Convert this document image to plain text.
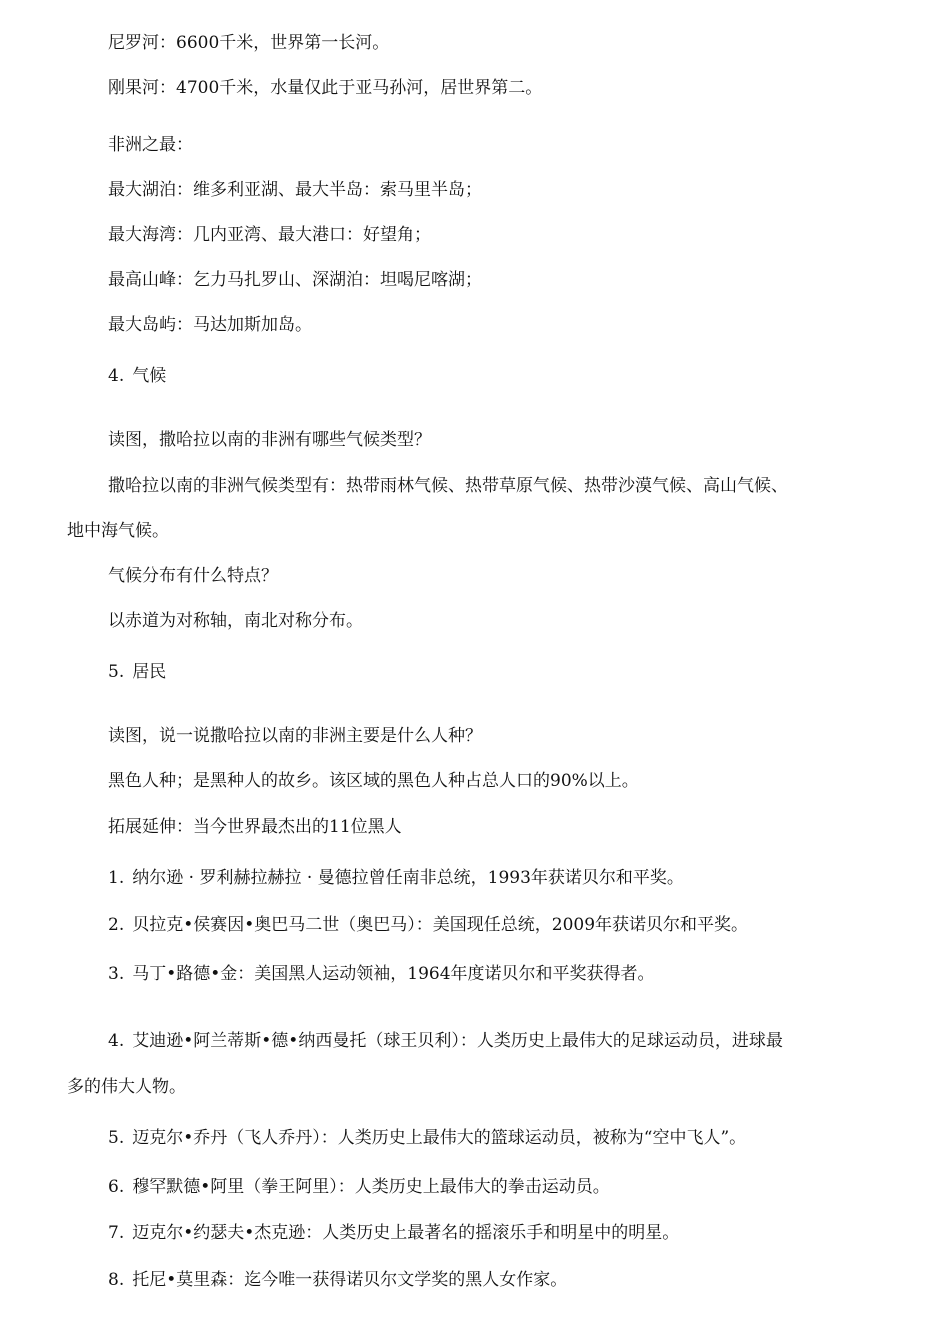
尼罗河：6600千米，世界第一长河。
刚果河：4700千米，水量仅此于亚马孙河，居世界第二。
非洲之最：
最大湖泊：维多利亚湖、最大半岛：索马里半岛；
最大海湾：几内亚湾、最大港口：好望角；
最高山峰：乞力马扎罗山、深湖泊：坦喝尼喀湖；
最大岛屿：马达加斯加岛。
4. 气候
读图，撒哈拉以南的非洲有哪些气候类型？
撒哈拉以南的非洲气候类型有：热带雨林气候、热带草原气候、热带沙漠气候、高山气候、
地中海气候。
气候分布有什么特点？
以赤道为对称轴，南北对称分布。
5. 居民
读图，说一说撒哈拉以南的非洲主要是什么人种？
黑色人种；是黑种人的故乡。该区域的黑色人种占总人口的90%以上。
拓展延伸：当今世界最杰出的11位黑人
1. 纳尔逊 · 罗利赫拉赫拉 · 曼德拉曾任南非总统，1993年获诺贝尔和平奖。
2. 贝拉克•侯赛因•奥巴马二世（奥巴马）：美国现任总统，2009年获诺贝尔和平奖。
3. 马丁•路德•金：美国黑人运动领袖，1964年度诺贝尔和平奖获得者。
4. 艾迪逊•阿兰蒂斯•德•纳西曼托（球王贝利）：人类历史上最伟大的足球运动员，进球最
多的伟大人物。
5. 迈克尔•乔丹（飞人乔丹）：人类历史上最伟大的篮球运动员，被称为“空中飞人”。
6. 穆罕默德•阿里（拳王阿里）：人类历史上最伟大的拳击运动员。
7. 迈克尔•约瑟夫•杰克逊：人类历史上最著名的摇滚乐手和明星中的明星。
8. 托尼•莫里森：迄今唯一获得诺贝尔文学奖的黑人女作家。
